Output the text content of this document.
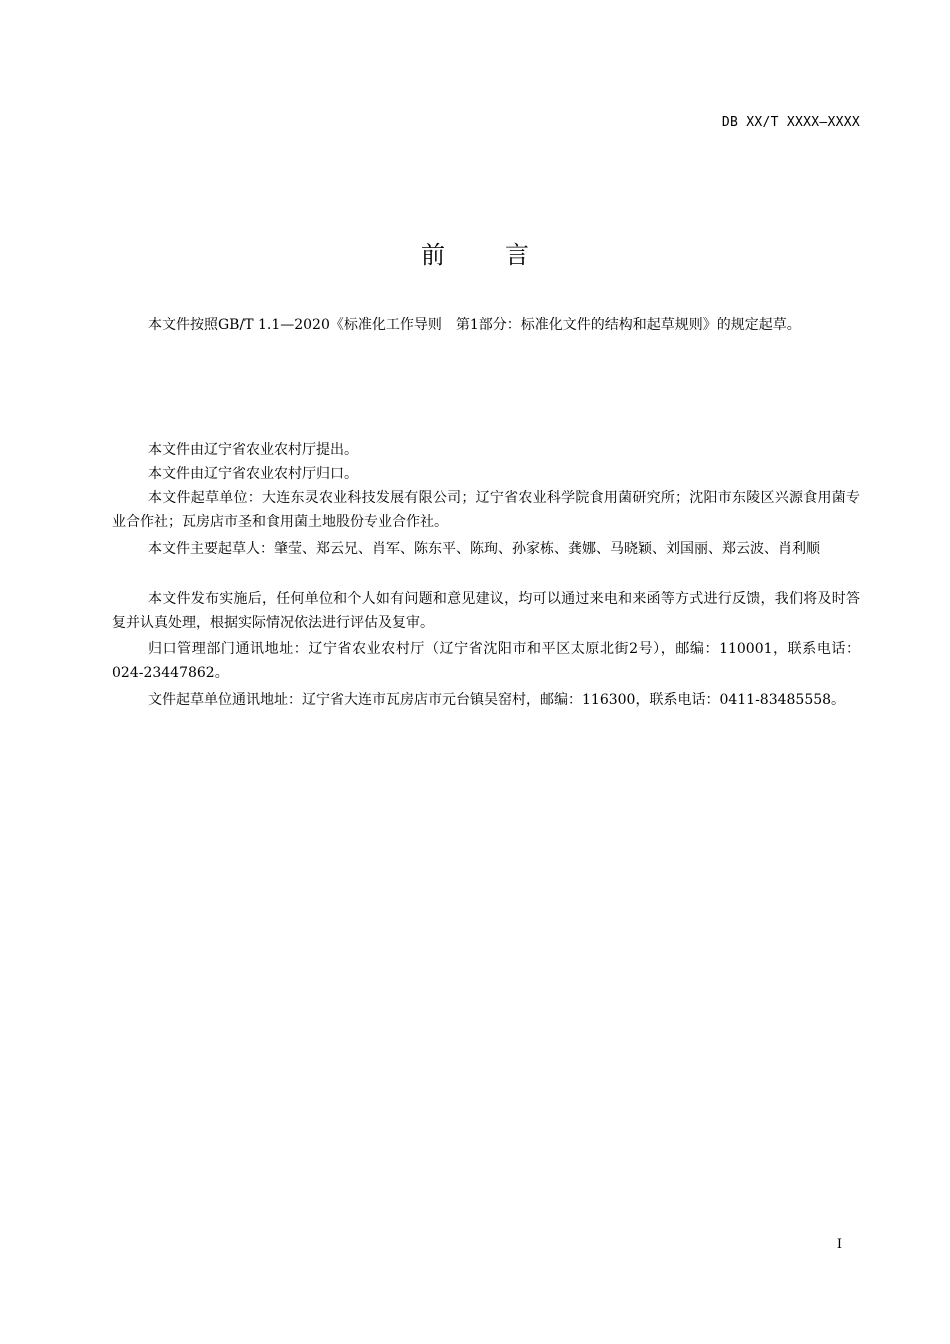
DB XX/T XXXX—XXXX
前言

本文件按照GB/T 1.1—2020《标准化工作导则　第1部分：标准化文件的结构和起草规则》的规定起草。

本文件由辽宁省农业农村厅提出。

本文件由辽宁省农业农村厅归口。

本文件起草单位：大连东灵农业科技发展有限公司；辽宁省农业科学院食用菌研究所；沈阳市东陵区兴源食用菌专业合作社；瓦房店市圣和食用菌土地股份专业合作社。

本文件主要起草人：肇莹、郑云兄、肖军、陈东平、陈珣、孙家栋、龚娜、马晓颖、刘国丽、郑云波、肖利顺

本文件发布实施后，任何单位和个人如有问题和意见建议，均可以通过来电和来函等方式进行反馈，我们将及时答复并认真处理，根据实际情况依法进行评估及复审。

归口管理部门通讯地址：辽宁省农业农村厅（辽宁省沈阳市和平区太原北街2号），邮编：110001，联系电话：024-23447862。

文件起草单位通讯地址：辽宁省大连市瓦房店市元台镇吴窑村，邮编：116300，联系电话：0411-83485558。

I
